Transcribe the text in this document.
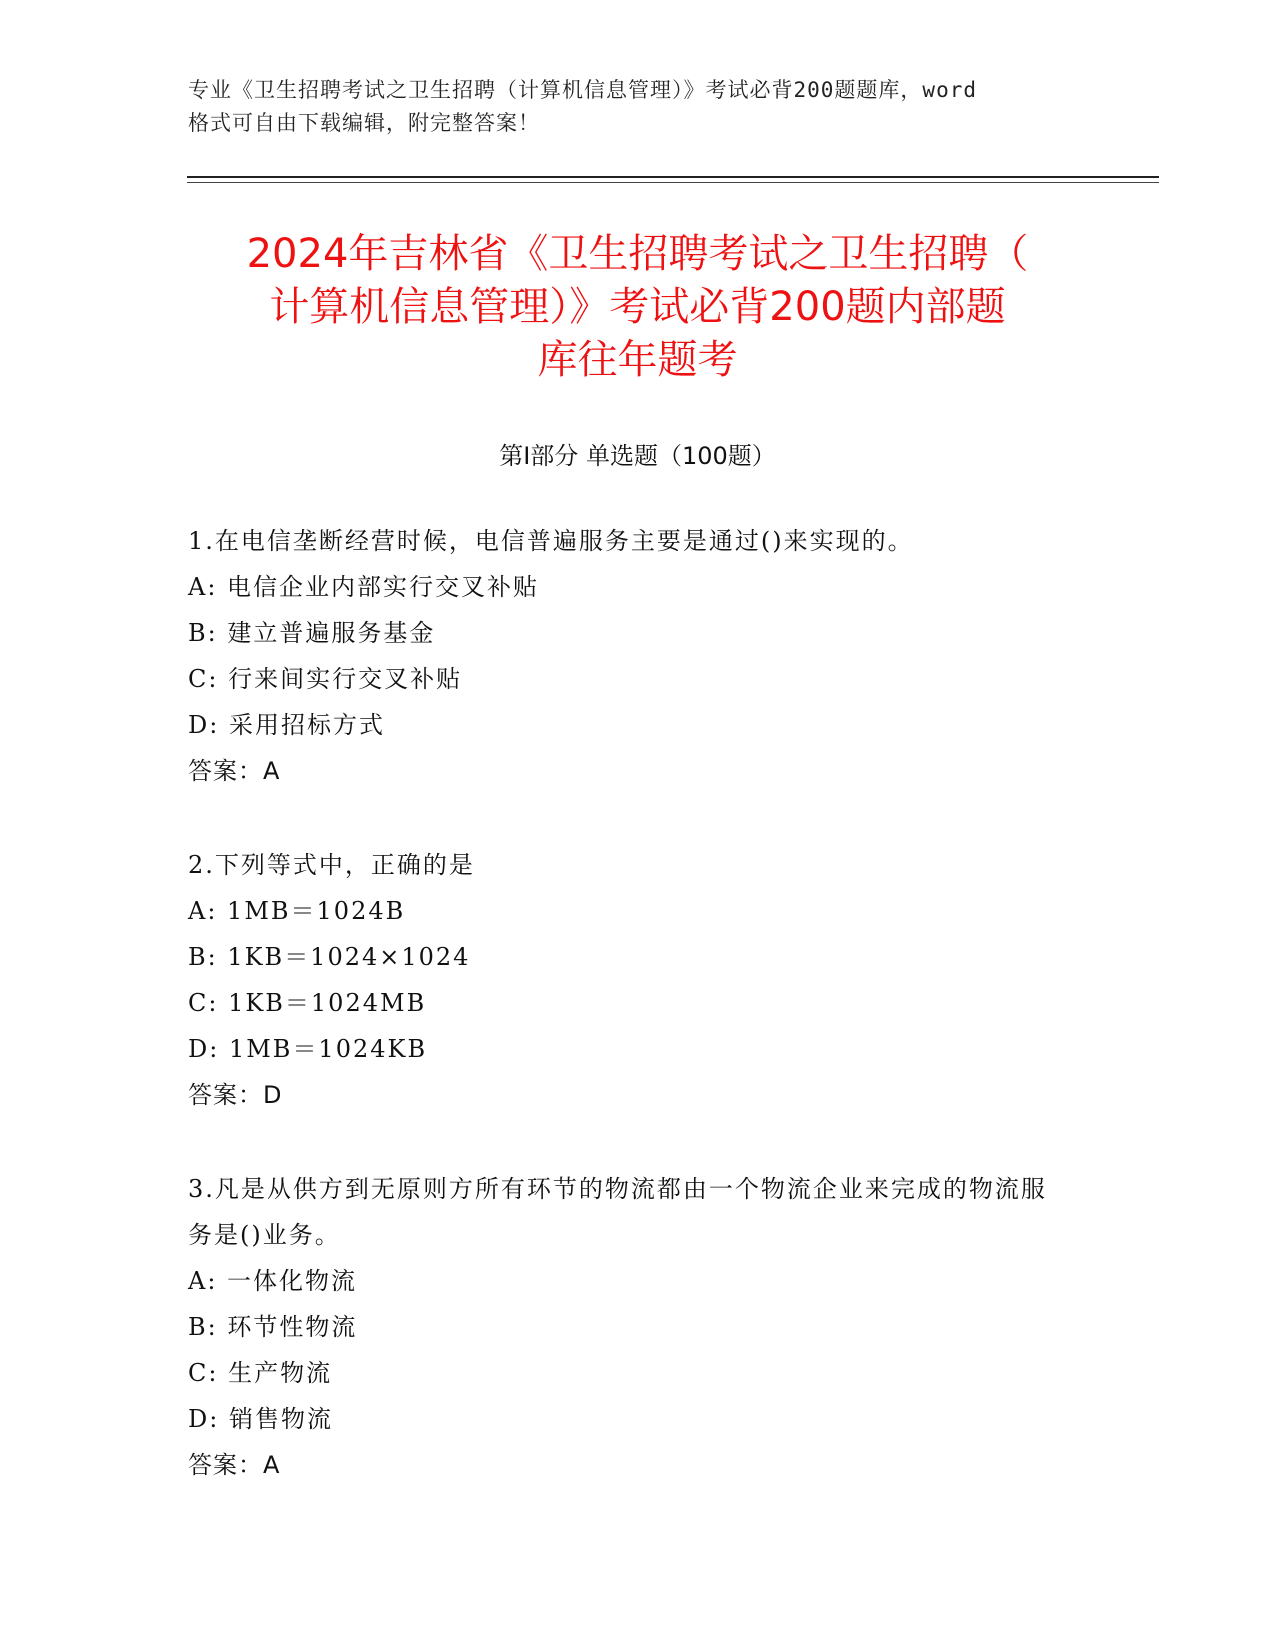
专业《卫生招聘考试之卫生招聘（计算机信息管理）》考试必背200题题库，word
格式可自由下载编辑，附完整答案！
2024年吉林省《卫生招聘考试之卫生招聘（
计算机信息管理）》考试必背200题内部题
库往年题考
第Ⅰ部分 单选题（100题）
1.在电信垄断经营时候，电信普遍服务主要是通过()来实现的。
A: 电信企业内部实行交叉补贴
B: 建立普遍服务基金
C: 行来间实行交叉补贴
D: 采用招标方式
答案：A
2.下列等式中，正确的是
A: 1MB＝1024B
B: 1KB＝1024×1024
C: 1KB＝1024MB
D: 1MB＝1024KB
答案：D
3.凡是从供方到无原则方所有环节的物流都由一个物流企业来完成的物流服务是()业务。
A: 一体化物流
B: 环节性物流
C: 生产物流
D: 销售物流
答案：A
